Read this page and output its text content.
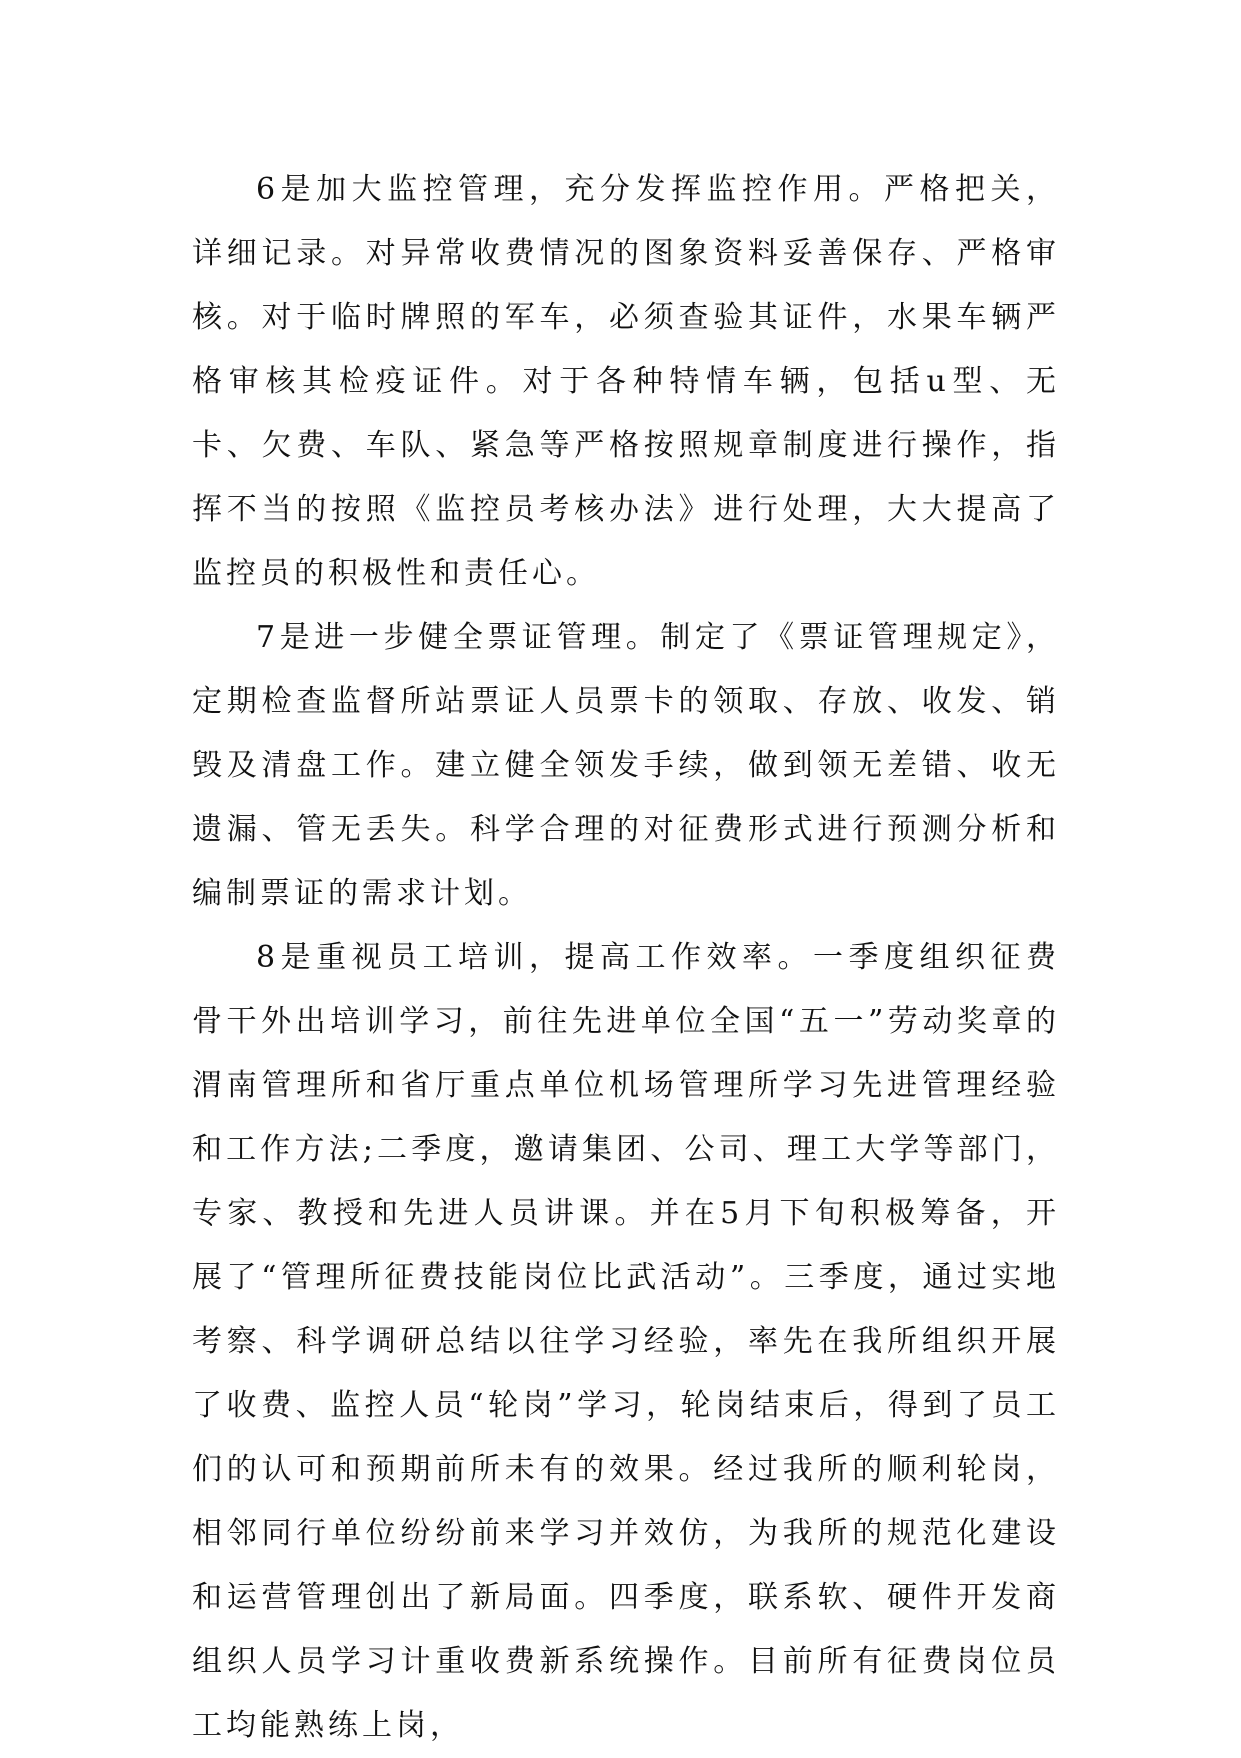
6是加大监控管理，充分发挥监控作用。严格把关，详细记录。对异常收费情况的图象资料妥善保存、严格审核。对于临时牌照的军车，必须查验其证件，水果车辆严格审核其检疫证件。对于各种特情车辆，包括u型、无卡、欠费、车队、紧急等严格按照规章制度进行操作，指挥不当的按照《监控员考核办法》进行处理，大大提高了监控员的积极性和责任心。

7是进一步健全票证管理。制定了《票证管理规定》，定期检查监督所站票证人员票卡的领取、存放、收发、销毁及清盘工作。建立健全领发手续，做到领无差错、收无遗漏、管无丢失。科学合理的对征费形式进行预测分析和编制票证的需求计划。

8是重视员工培训，提高工作效率。一季度组织征费骨干外出培训学习，前往先进单位全国“五一”劳动奖章的渭南管理所和省厅重点单位机场管理所学习先进管理经验和工作方法;二季度，邀请集团、公司、理工大学等部门，专家、教授和先进人员讲课。并在5月下旬积极筹备，开展了“管理所征费技能岗位比武活动”。三季度，通过实地考察、科学调研总结以往学习经验，率先在我所组织开展了收费、监控人员“轮岗”学习，轮岗结束后，得到了员工们的认可和预期前所未有的效果。经过我所的顺利轮岗，相邻同行单位纷纷前来学习并效仿，为我所的规范化建设和运营管理创出了新局面。四季度，联系软、硬件开发商组织人员学习计重收费新系统操作。目前所有征费岗位员工均能熟练上岗，
